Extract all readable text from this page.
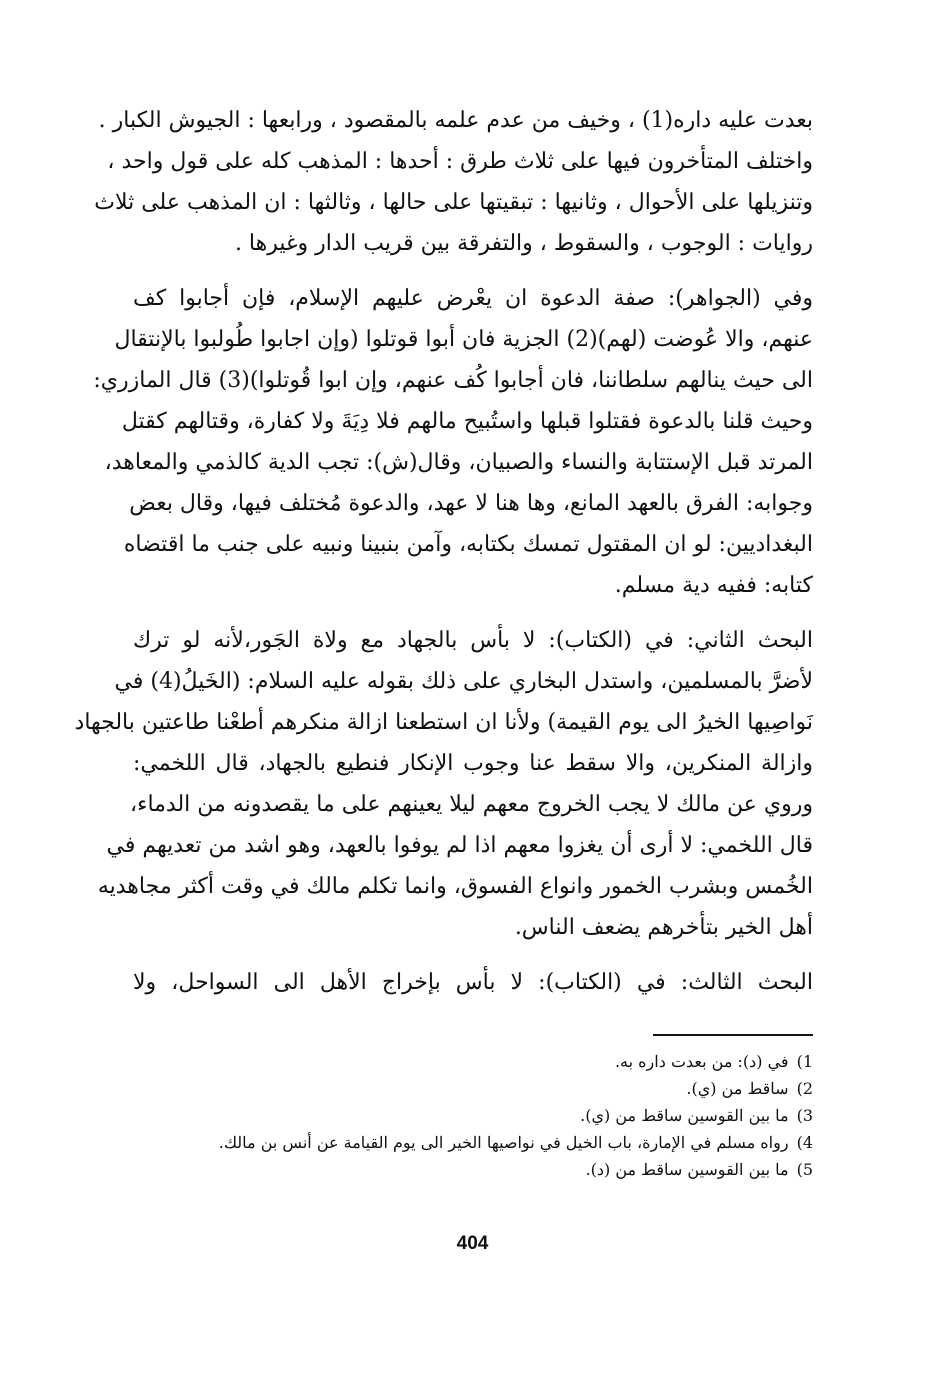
بعدت عليه داره(1) ، وخيف من عدم علمه بالمقصود ، ورابعها : الجيوش الكبار .
واختلف المتأخرون فيها على ثلاث طرق : أحدها : المذهب كله على قول واحد ،
وتنزيلها على الأحوال ، وثانيها : تبقيتها على حالها ، وثالثها : ان المذهب على ثلاث
روايات : الوجوب ، والسقوط ، والتفرقة بين قريب الدار وغيرها .
وفي (الجواهر): صفة الدعوة ان يعْرض عليهم الإسلام، فإن أجابوا كف
عنهم، والا عُوضت (لهم)(2) الجزية فان أبوا قوتلوا (وإن اجابوا طُولبوا بالإنتقال
الى حيث ينالهم سلطاننا، فان أجابوا كُف عنهم، وإن ابوا قُوتلوا)(3) قال المازري:
وحيث قلنا بالدعوة فقتلوا قبلها واستُبيح مالهم فلا دِيَةَ ولا كفارة، وقتالهم كقتل
المرتد قبل الإستتابة والنساء والصبيان، وقال(ش): تجب الدية كالذمي والمعاهد،
وجوابه: الفرق بالعهد المانع، وها هنا لا عهد، والدعوة مُختلف فيها، وقال بعض
البغداديين: لو ان المقتول تمسك بكتابه، وآمن بنبينا ونبيه على جنب ما اقتضاه
كتابه: ففيه دية مسلم.
البحث الثاني: في (الكتاب): لا بأس بالجهاد مع ولاة الجَور،لأنه لو ترك
لأضرَّ بالمسلمين، واستدل البخاري على ذلك بقوله عليه السلام: (الخَيلُ(4) في
نَواصِيها الخيرُ الى يوم القيمة) ولأنا ان استطعنا ازالة منكرهم أطعْنا طاعتين بالجهاد
وازالة المنكرين، والا سقط عنا وجوب الإنكار فنطيع بالجهاد، قال اللخمي:
وروي عن مالك لا يجب الخروج معهم ليلا يعينهم على ما يقصدونه من الدماء،
قال اللخمي: لا أرى أن يغزوا معهم اذا لم يوفوا بالعهد، وهو اشد من تعديهم في
الخُمس وبشرب الخمور وانواع الفسوق، وانما تكلم مالك في وقت أكثر مجاهديه
أهل الخير بتأخرهم يضعف الناس.
البحث الثالث: في (الكتاب): لا بأس بإخراج الأهل الى السواحل، ولا
1)في (د): من بعدت داره به.
2)ساقط من (ي).
3)ما بين القوسين ساقط من (ي).
4)رواه مسلم في الإمارة، باب الخيل في نواصيها الخير الى يوم القيامة عن أنس بن مالك.
5)ما بين القوسين ساقط من (د).
404
